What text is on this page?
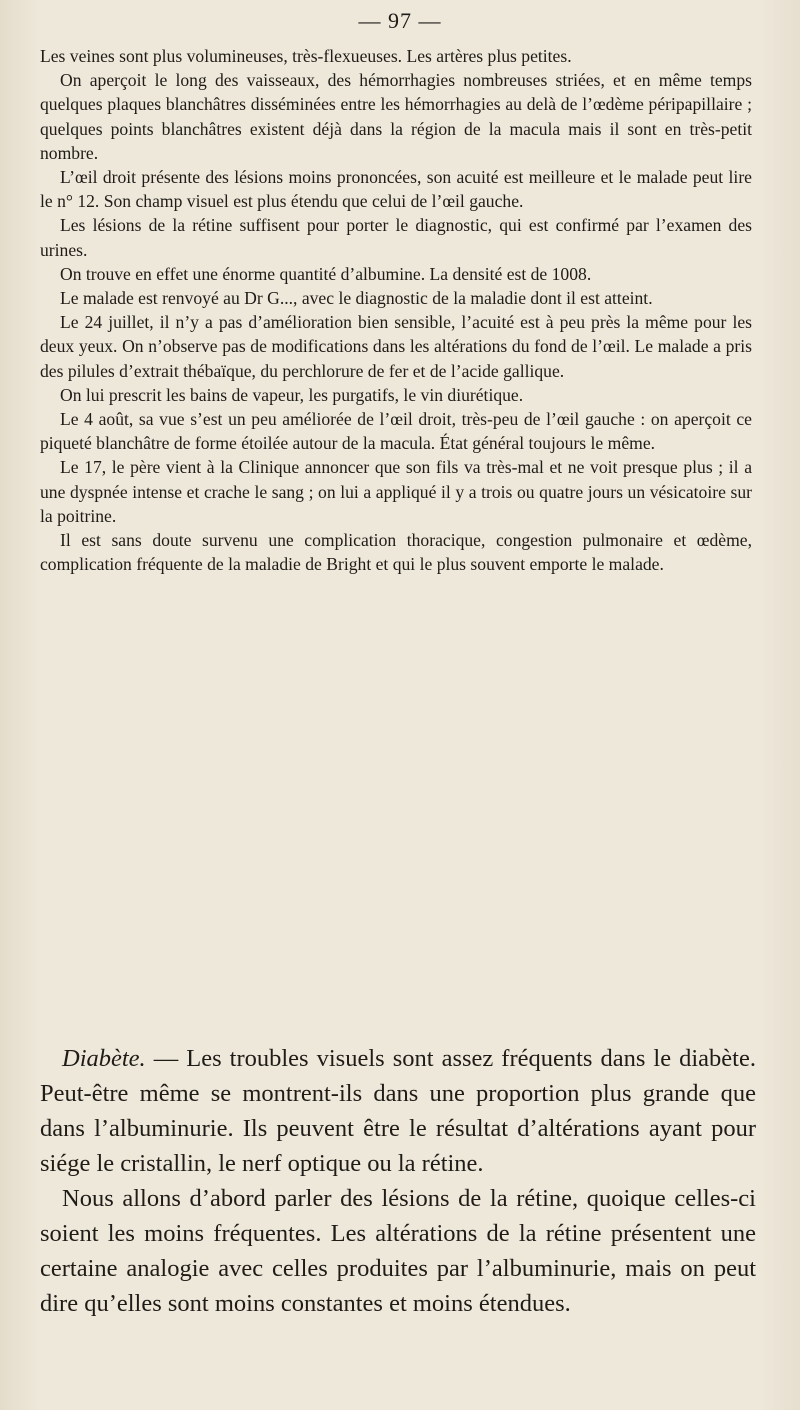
— 97 —

Les veines sont plus volumineuses, très-flexueuses. Les artères plus petites.

On aperçoit le long des vaisseaux, des hémorrhagies nombreuses striées, et en même temps quelques plaques blanchâtres disséminées entre les hémorrhagies au delà de l’œdème péripapillaire ; quelques points blanchâtres existent déjà dans la région de la macula mais il sont en très-petit nombre.

L’œil droit présente des lésions moins prononcées, son acuité est meilleure et le malade peut lire le n° 12. Son champ visuel est plus étendu que celui de l’œil gauche.

Les lésions de la rétine suffisent pour porter le diagnostic, qui est confirmé par l’examen des urines.

On trouve en effet une énorme quantité d’albumine. La densité est de 1008.

Le malade est renvoyé au Dr G..., avec le diagnostic de la maladie dont il est atteint.

Le 24 juillet, il n’y a pas d’amélioration bien sensible, l’acuité est à peu près la même pour les deux yeux. On n’observe pas de modifications dans les altérations du fond de l’œil. Le malade a pris des pilules d’extrait thébaïque, du perchlorure de fer et de l’acide gallique.

On lui prescrit les bains de vapeur, les purgatifs, le vin diurétique.

Le 4 août, sa vue s’est un peu améliorée de l’œil droit, très-peu de l’œil gauche : on aperçoit ce piqueté blanchâtre de forme étoilée autour de la macula. État général toujours le même.

Le 17, le père vient à la Clinique annoncer que son fils va très-mal et ne voit presque plus ; il a une dyspnée intense et crache le sang ; on lui a appliqué il y a trois ou quatre jours un vésicatoire sur la poitrine.

Il est sans doute survenu une complication thoracique, congestion pulmonaire et œdème, complication fréquente de la maladie de Bright et qui le plus souvent emporte le malade.

Diabète. — Les troubles visuels sont assez fréquents dans le diabète. Peut-être même se montrent-ils dans une proportion plus grande que dans l’albuminurie. Ils peuvent être le résultat d’altérations ayant pour siége le cristallin, le nerf optique ou la rétine.

Nous allons d’abord parler des lésions de la rétine, quoique celles-ci soient les moins fréquentes. Les altérations de la rétine présentent une certaine analogie avec celles produites par l’albuminurie, mais on peut dire qu’elles sont moins constantes et moins étendues.
